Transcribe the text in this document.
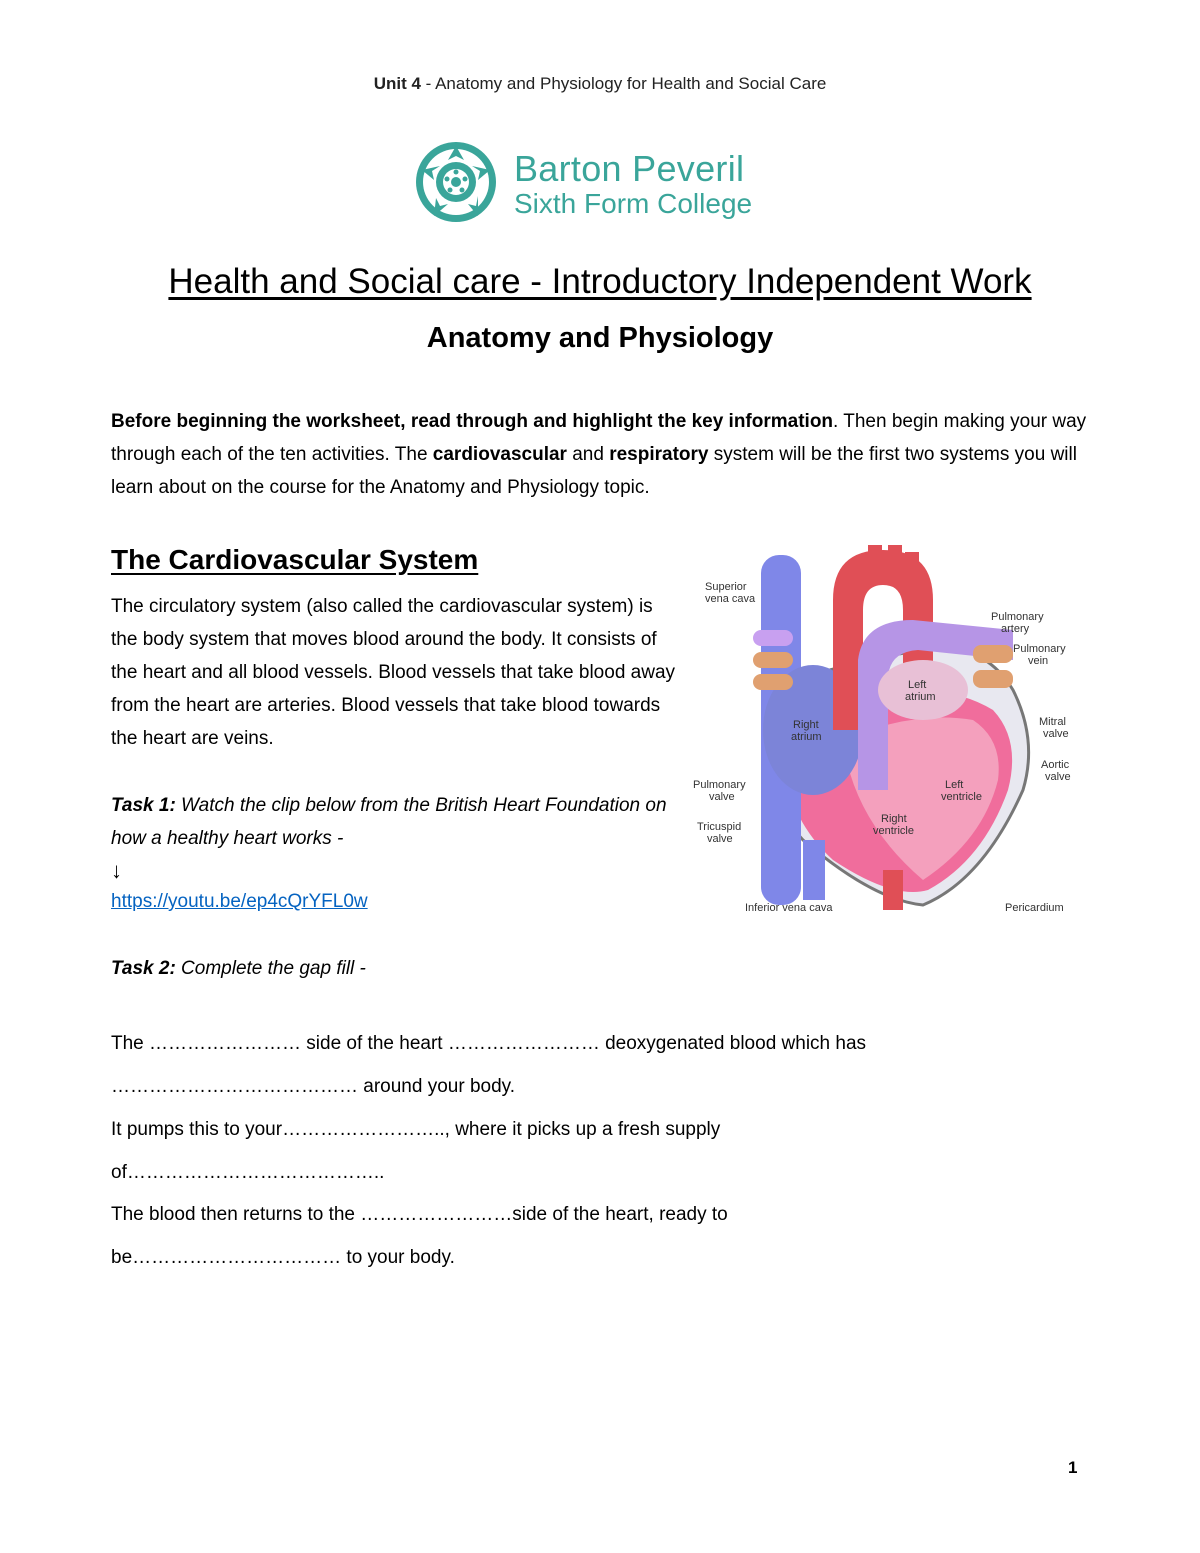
Unit 4 - Anatomy and Physiology for Health and Social Care
Barton Peveril
Sixth Form College
Health and Social care - Introductory Independent Work
Anatomy and Physiology
Before beginning the worksheet, read through and highlight the key information. Then begin making your way through each of the ten activities. The cardiovascular and respiratory system will be the first two systems you will learn about on the course for the Anatomy and Physiology topic.
The Cardiovascular System
The circulatory system (also called the cardiovascular system) is the body system that moves blood around the body. It consists of the heart and all blood vessels. Blood vessels that take blood away from the heart are arteries. Blood vessels that take blood towards the heart are veins.
Task 1: Watch the clip below from the British Heart Foundation on how a healthy heart works -
↓
https://youtu.be/ep4cQrYFL0w
Task 2: Complete the gap fill -
The …………………… side of the heart …………………… deoxygenated blood which has
………………………………… around your body.
It pumps this to your…………………….., where it picks up a fresh supply
of…………………………………..
The blood then returns to the ……………………side of the heart, ready to
be…………………………… to your body.
Superior
vena cava	Aorta
Pulmonary
artery
Pulmonary
vein
Left
atrium
Right
atrium
Mitral
valve
Aortic
valve
Pulmonary
valve
Left
ventricle
Right
ventricle
Tricuspid
valve
Inferior vena cava	Pericardium
1
